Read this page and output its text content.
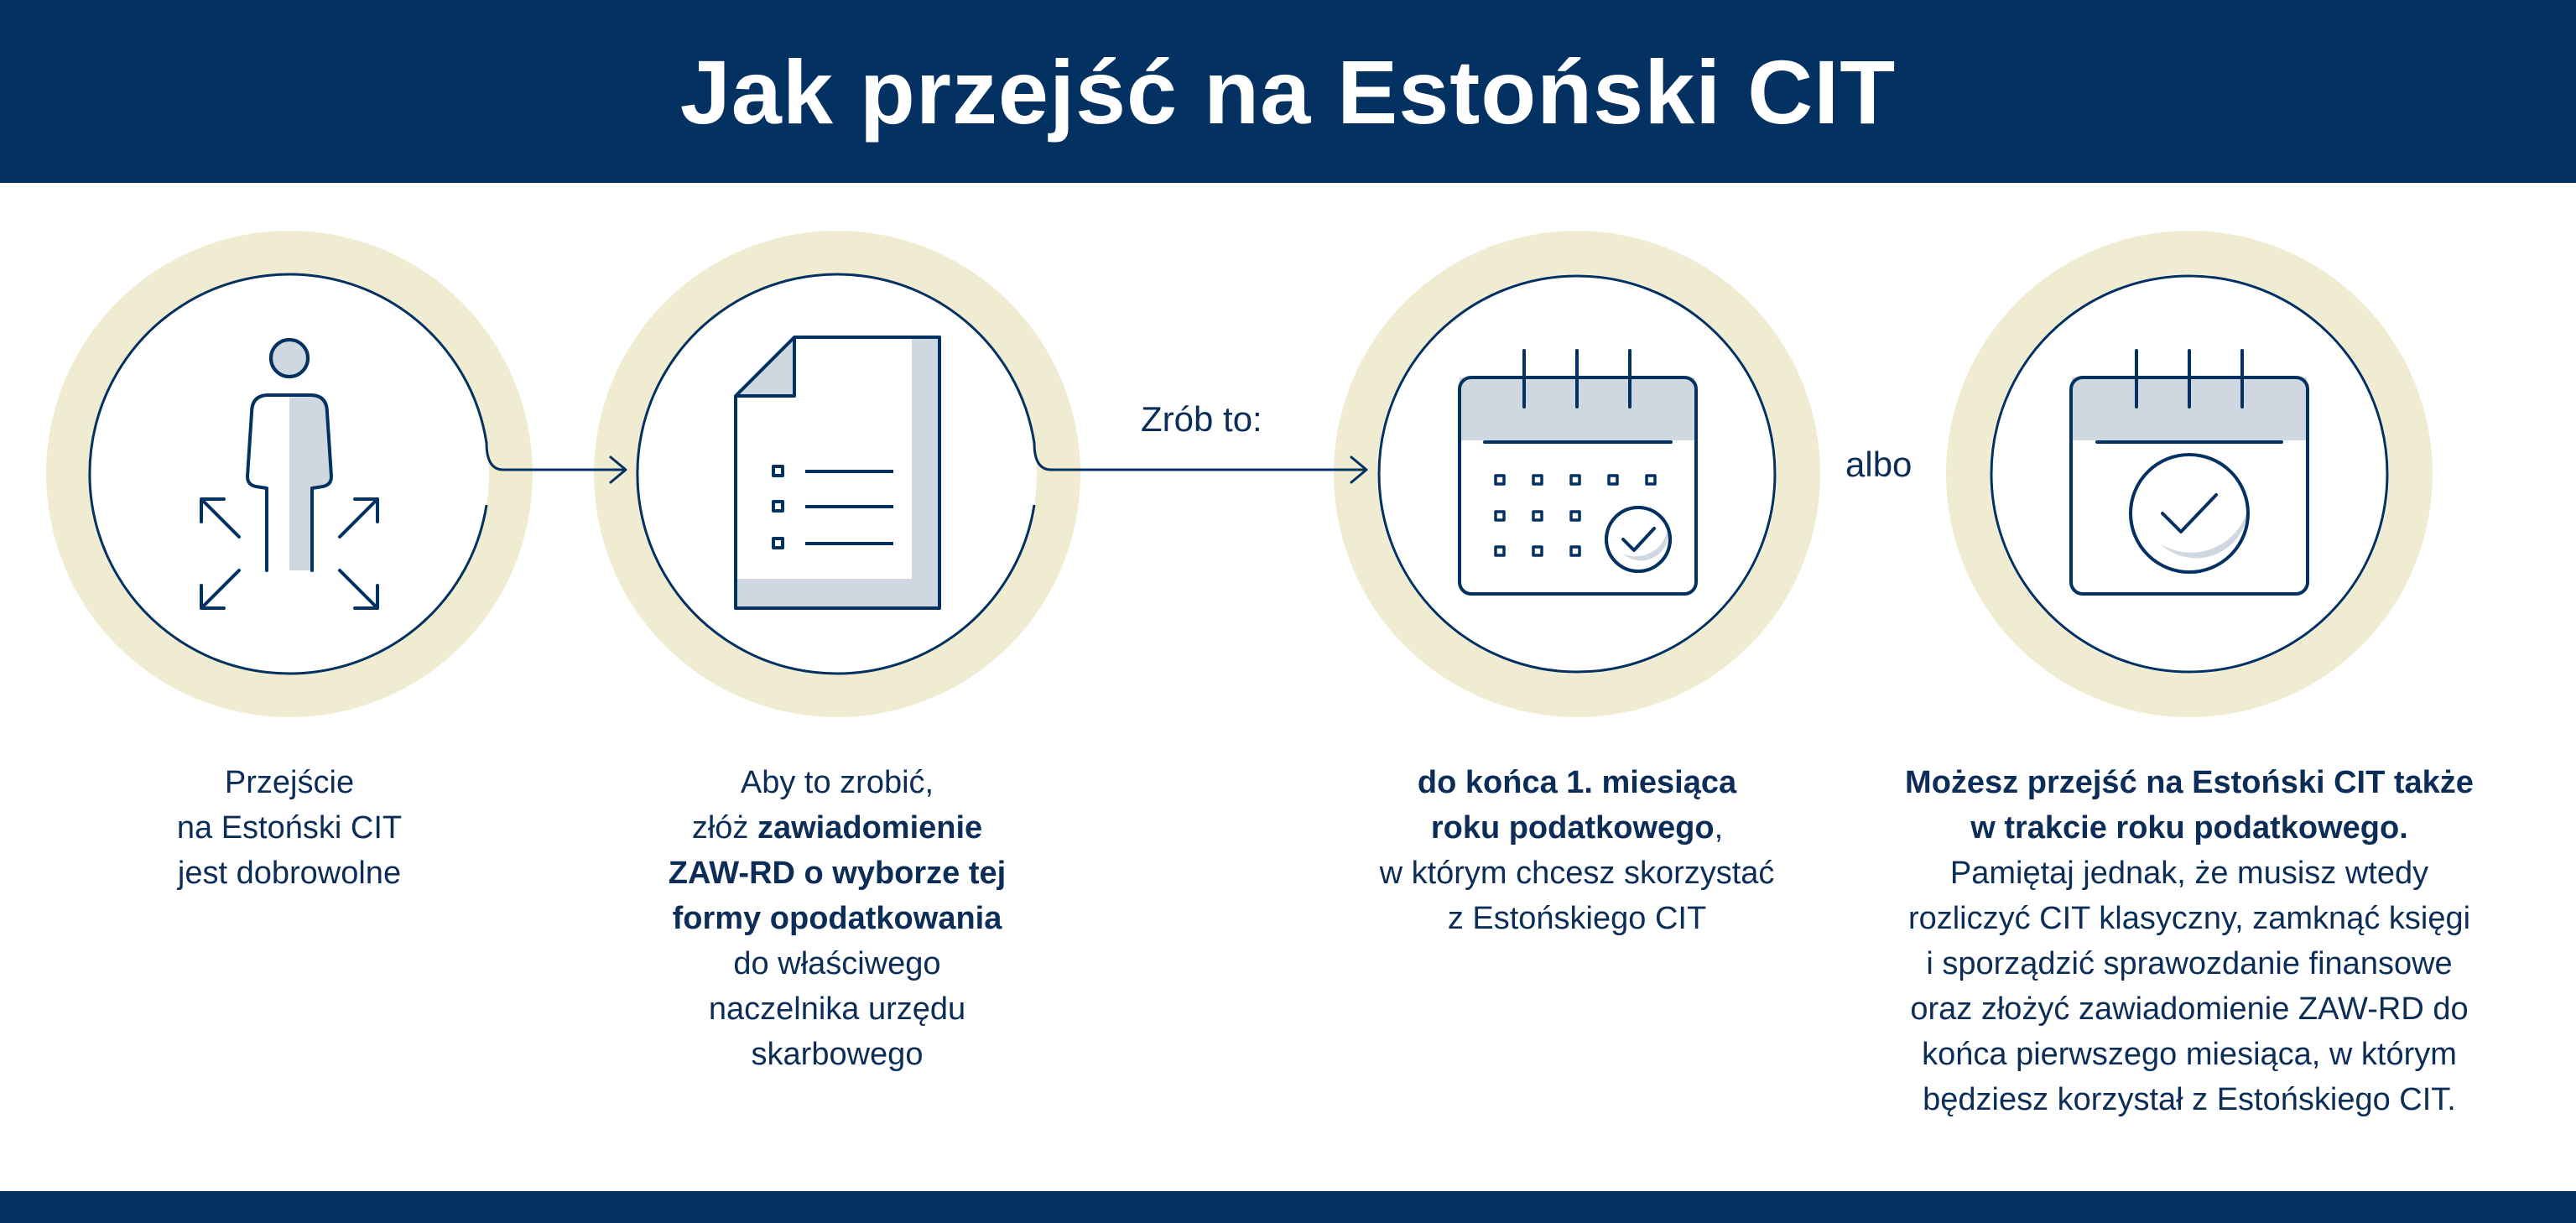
Jak przejść na Estoński CIT
Zrób to:
albo

Przejście

na Estoński CIT

jest dobrowolne

Aby to zrobić,

złóż zawiadomienie

ZAW-RD o wyborze tej

formy opodatkowania

do właściwego

naczelnika urzędu

skarbowego

do końca 1. miesiąca

roku podatkowego,

w którym chcesz skorzystać

z Estońskiego CIT

Możesz przejść na Estoński CIT także

w trakcie roku podatkowego.

Pamiętaj jednak, że musisz wtedy

rozliczyć CIT klasyczny, zamknąć księgi

i sporządzić sprawozdanie finansowe

oraz złożyć zawiadomienie ZAW-RD do

końca pierwszego miesiąca, w którym

będziesz korzystał z Estońskiego CIT.
